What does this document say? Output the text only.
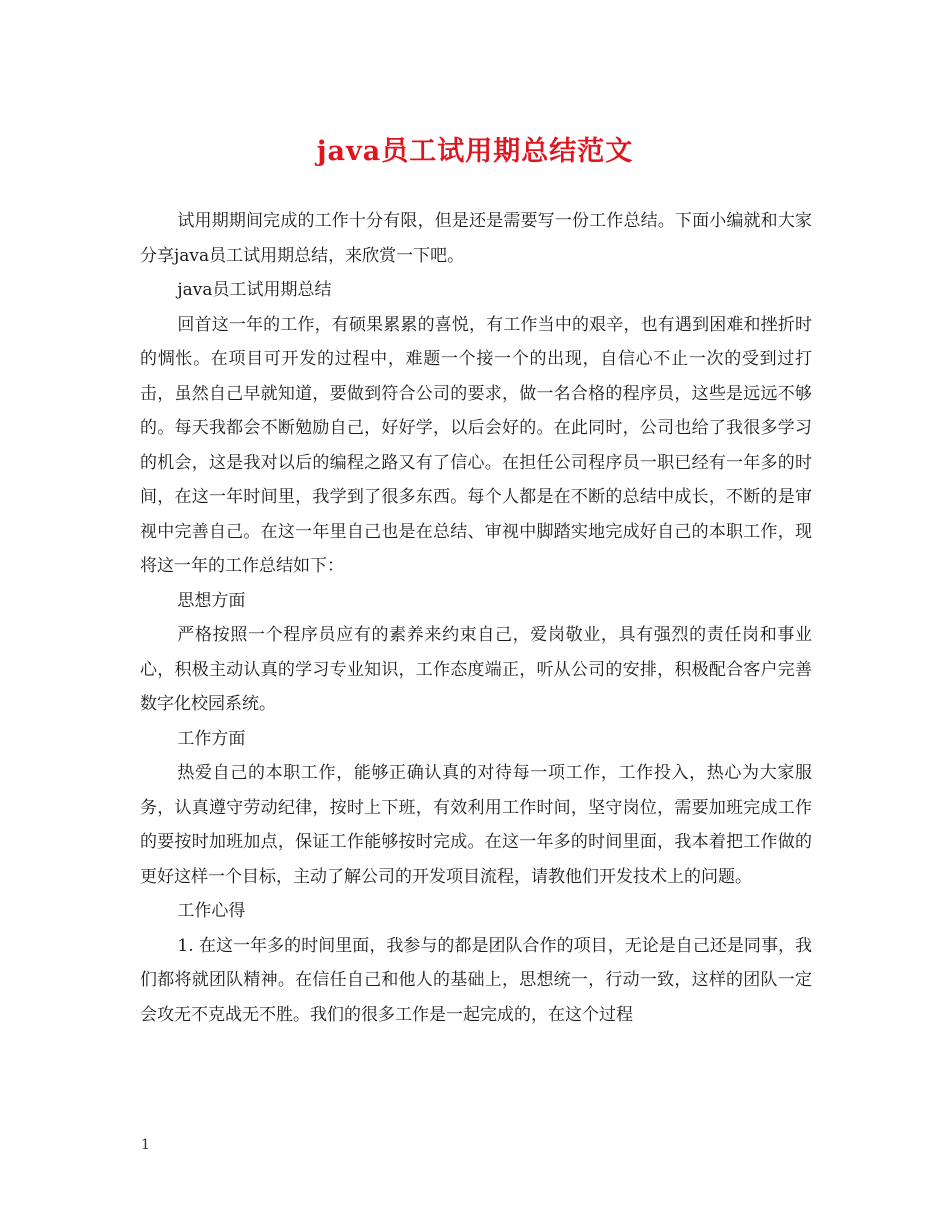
java员工试用期总结范文

试用期期间完成的工作十分有限，但是还是需要写一份工作总结。下面小编就和大家分享java员工试用期总结，来欣赏一下吧。

java员工试用期总结

回首这一年的工作，有硕果累累的喜悦，有工作当中的艰辛，也有遇到困难和挫折时的惆怅。在项目可开发的过程中，难题一个接一个的出现，自信心不止一次的受到过打击，虽然自己早就知道，要做到符合公司的要求，做一名合格的程序员，这些是远远不够的。每天我都会不断勉励自己，好好学，以后会好的。在此同时，公司也给了我很多学习的机会，这是我对以后的编程之路又有了信心。在担任公司程序员一职已经有一年多的时间，在这一年时间里，我学到了很多东西。每个人都是在不断的总结中成长，不断的是审视中完善自己。在这一年里自己也是在总结、审视中脚踏实地完成好自己的本职工作，现将这一年的工作总结如下：

思想方面

严格按照一个程序员应有的素养来约束自己，爱岗敬业，具有强烈的责任岗和事业心，积极主动认真的学习专业知识，工作态度端正，听从公司的安排，积极配合客户完善数字化校园系统。

工作方面

热爱自己的本职工作，能够正确认真的对待每一项工作，工作投入，热心为大家服务，认真遵守劳动纪律，按时上下班，有效利用工作时间，坚守岗位，需要加班完成工作的要按时加班加点，保证工作能够按时完成。在这一年多的时间里面，我本着把工作做的更好这样一个目标，主动了解公司的开发项目流程，请教他们开发技术上的问题。

工作心得

1. 在这一年多的时间里面，我参与的都是团队合作的项目，无论是自己还是同事，我们都将就团队精神。在信任自己和他人的基础上，思想统一，行动一致，这样的团队一定会攻无不克战无不胜。我们的很多工作是一起完成的，在这个过程

1
